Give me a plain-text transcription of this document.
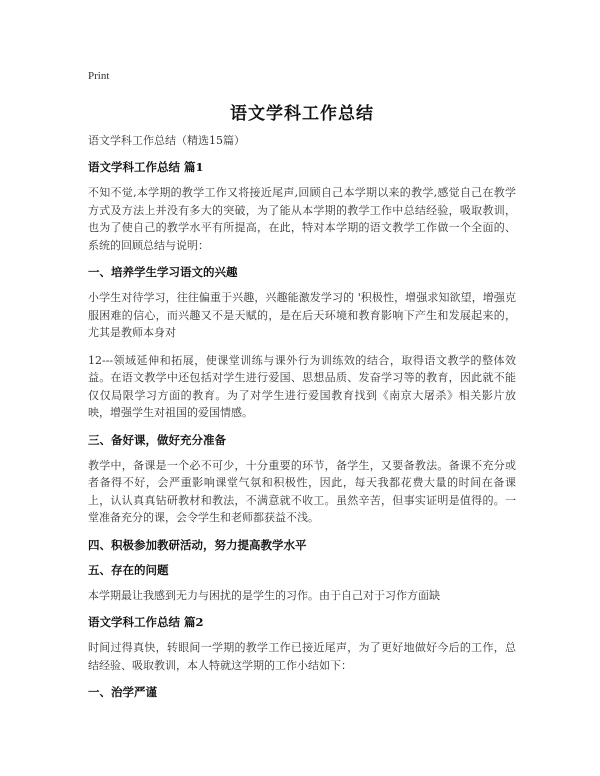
Print
语文学科工作总结

语文学科工作总结（精选15篇）

语文学科工作总结 篇1

不知不觉,本学期的教学工作又将接近尾声,回顾自己本学期以来的教学,感觉自己在教学方式及方法上并没有多大的突破，为了能从本学期的教学工作中总结经验，吸取教训，也为了使自己的教学水平有所提高，在此，特对本学期的语文教学工作做一个全面的、系统的回顾总结与说明：

一、培养学生学习语文的兴趣

小学生对待学习，往往偏重于兴趣，兴趣能激发学习的 '积极性，增强求知欲望，增强克服困难的信心，而兴趣又不是天赋的，是在后天环境和教育影响下产生和发展起来的，尤其是教师本身对

12---领域延伸和拓展，使课堂训练与课外行为训练效的结合，取得语文教学的整体效益。在语文教学中还包括对学生进行爱国、思想品质、发奋学习等的教育，因此就不能仅仅局限学习方面的教育。为了对学生进行爱国教育找到《南京大屠杀》相关影片放映，增强学生对祖国的爱国情感。

三、备好课，做好充分准备

教学中，备课是一个必不可少，十分重要的环节，备学生，又要备教法。备课不充分或者备得不好，会严重影响课堂气氛和积极性，因此，每天我都花费大量的时间在备课上，认认真真钻研教材和教法，不满意就不收工。虽然辛苦，但事实证明是值得的。一堂准备充分的课，会令学生和老师都获益不浅。

四、积极参加教研活动，努力提高教学水平

五、存在的问题

本学期最让我感到无力与困扰的是学生的习作。由于自己对于习作方面缺

语文学科工作总结 篇2

时间过得真快，转眼间一学期的教学工作已接近尾声，为了更好地做好今后的工作，总结经验、吸取教训，本人特就这学期的工作小结如下：

一、治学严谨
